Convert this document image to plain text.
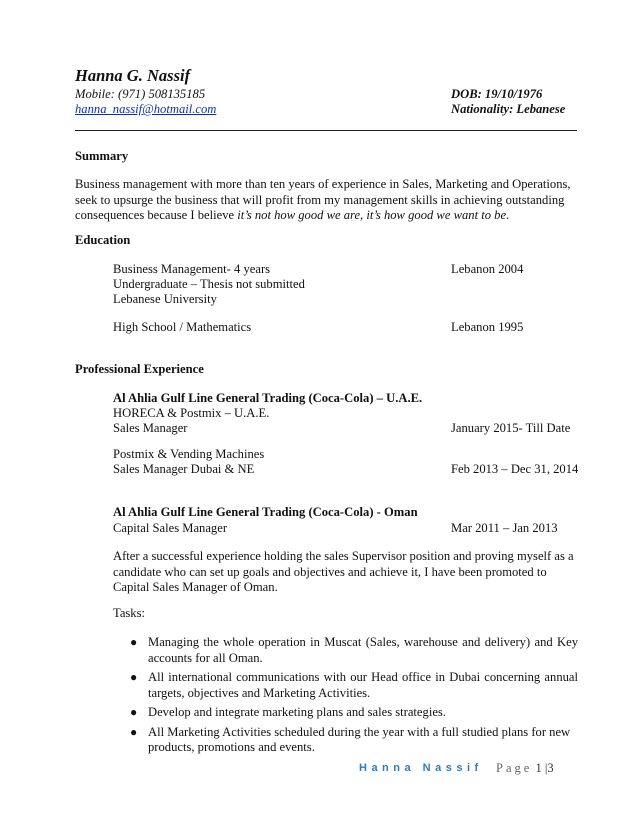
Hanna G. Nassif
Mobile: (971) 508135185
hanna_nassif@hotmail.com
DOB: 19/10/1976
Nationality: Lebanese
Summary
Business management with more than ten years of experience in Sales, Marketing and Operations, seek to upsurge the business that will profit from my management skills in achieving outstanding consequences because I believe it’s not how good we are, it’s how good we want to be.
Education
Business Management- 4 years	Lebanon 2004
Undergraduate – Thesis not submitted
Lebanese University
High School / Mathematics	Lebanon 1995
Professional Experience
Al Ahlia Gulf Line General Trading (Coca-Cola) – U.A.E.
HORECA & Postmix – U.A.E.
Sales Manager	January 2015- Till Date
Postmix & Vending Machines
Sales Manager Dubai & NE	Feb 2013 – Dec 31, 2014
Al Ahlia Gulf Line General Trading (Coca-Cola) - Oman
Capital Sales Manager	Mar 2011 – Jan 2013
After a successful experience holding the sales Supervisor position and proving myself as a candidate who can set up goals and objectives and achieve it, I have been promoted to Capital Sales Manager of Oman.
Tasks:
● Managing the whole operation in Muscat (Sales, warehouse and delivery) and Key accounts for all Oman.
● All international communications with our Head office in Dubai concerning annual targets, objectives and Marketing Activities.
● Develop and integrate marketing plans and sales strategies.
● All Marketing Activities scheduled during the year with a full studied plans for new products, promotions and events.
Hanna Nassif Page 1 |3
